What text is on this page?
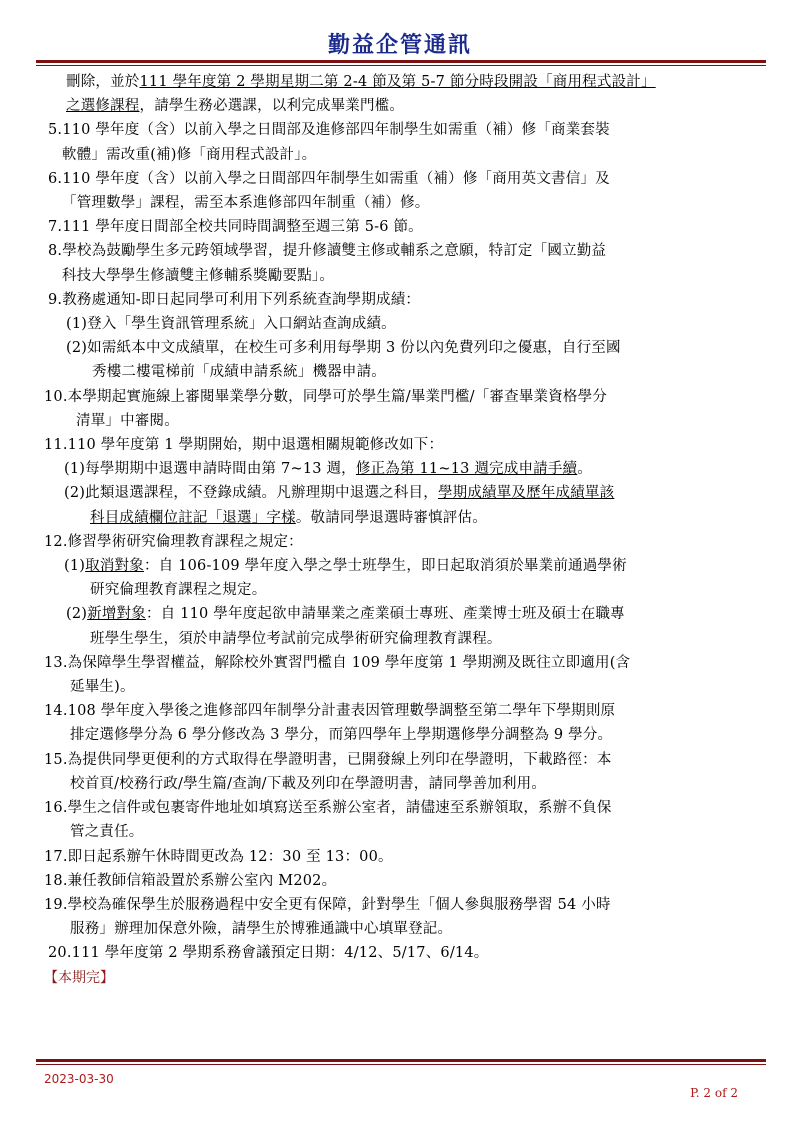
勤益企管通訊
刪除，並於111 學年度第 2 學期星期二第 2-4 節及第 5-7 節分時段開設「商用程式設計」
之選修課程，請學生務必選課，以利完成畢業門檻。
5.110 學年度（含）以前入學之日間部及進修部四年制學生如需重（補）修「商業套裝
軟體」需改重(補)修「商用程式設計」。
6.110 學年度（含）以前入學之日間部四年制學生如需重（補）修「商用英文書信」及
「管理數學」課程，需至本系進修部四年制重（補）修。
7.111 學年度日間部全校共同時間調整至週三第 5-6 節。
8.學校為鼓勵學生多元跨領域學習，提升修讀雙主修或輔系之意願，特訂定「國立勤益
科技大學學生修讀雙主修輔系獎勵要點」。
9.教務處通知-即日起同學可利用下列系統查詢學期成績：
(1)登入「學生資訊管理系統」入口網站查詢成績。
(2)如需紙本中文成績單，在校生可多利用每學期 3 份以內免費列印之優惠，自行至國
秀樓二樓電梯前「成績申請系統」機器申請。
10.本學期起實施線上審閱畢業學分數，同學可於學生篇/畢業門檻/「審查畢業資格學分
清單」中審閱。
11.110 學年度第 1 學期開始，期中退選相關規範修改如下：
(1)每學期期中退選申請時間由第 7~13 週，修正為第 11~13 週完成申請手續。
(2)此類退選課程，不登錄成績。凡辦理期中退選之科目，學期成績單及歷年成績單該
科目成績欄位註記「退選」字樣。敬請同學退選時審慎評估。
12.修習學術研究倫理教育課程之規定：
(1)取消對象：自 106-109 學年度入學之學士班學生，即日起取消須於畢業前通過學術
研究倫理教育課程之規定。
(2)新增對象：自 110 學年度起欲申請畢業之產業碩士專班、產業博士班及碩士在職專
班學生學生，須於申請學位考試前完成學術研究倫理教育課程。
13.為保障學生學習權益，解除校外實習門檻自 109 學年度第 1 學期溯及既往立即適用(含
延畢生)。
14.108 學年度入學後之進修部四年制學分計畫表因管理數學調整至第二學年下學期則原
排定選修學分為 6 學分修改為 3 學分，而第四學年上學期選修學分調整為 9 學分。
15.為提供同學更便利的方式取得在學證明書，已開發線上列印在學證明，下載路徑：本
校首頁/校務行政/學生篇/查詢/下載及列印在學證明書，請同學善加利用。
16.學生之信件或包裹寄件地址如填寫送至系辦公室者，請儘速至系辦領取，系辦不負保
管之責任。
17.即日起系辦午休時間更改為 12：30 至 13：00。
18.兼任教師信箱設置於系辦公室內 M202。
19.學校為確保學生於服務過程中安全更有保障，針對學生「個人參與服務學習 54 小時
服務」辦理加保意外險，請學生於博雅通識中心填單登記。
20.111 學年度第 2 學期系務會議預定日期：4/12、5/17、6/14。
【本期完】
2023-03-30
P. 2 of 2
